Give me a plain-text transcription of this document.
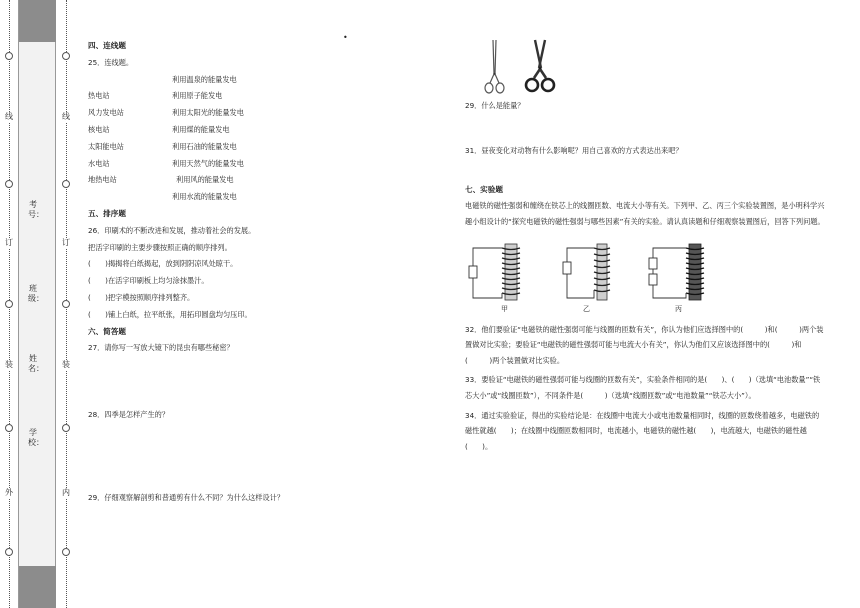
线
订
装
外
考号：
班级：
姓名：
学校：
线
订
装
内
•
四、连线题
25．连线题。
利用温泉的能量发电
热电站	利用原子能发电
风力发电站	利用太阳光的能量发电
核电站	利用煤的能量发电
太阳能电站	利用石油的能量发电
水电站	利用天然气的能量发电
地热电站	利用风的能量发电
利用水流的能量发电
五、排序题
26．印刷术的不断改进和发展，推动着社会的发展。
把活字印刷的主要步骤按照正确的顺序排列。
(　　)揭揭将白纸揭起，放到阴阴凉风处晾干。
(　　)在活字印刷板上均匀涂抹墨汁。
(　　)把字模按照顺序排列整齐。
(　　)铺上白纸，拉平纸张，用拓印圆盘均匀压印。
六、简答题
27．请你写一写放大镜下的昆虫有哪些秘密？
28．四季是怎样产生的？
29．仔细观察解剖剪和普通剪有什么不同？为什么这样设计？
29．什么是能量？
31．昼夜变化对动物有什么影响呢？用自己喜欢的方式表达出来吧？
七、实验题
电磁铁的磁性强弱和缠绕在铁芯上的线圈匝数、电流大小等有关。下列甲、乙、丙三个实验装置图，是小明科学兴趣小组设计的“探究电磁铁的磁性强弱与哪些因素”有关的实验。请认真读题和仔细观察装置图后，回答下列问题。
甲	乙	丙
32．他们要验证“电磁铁的磁性强弱可能与线圈的匝数有关”，你认为他们应选择图中的(　　　)和(　　　)两个装置做对比实验；要验证“电磁铁的磁性强弱可能与电流大小有关”，你认为他们又应该选择图中的(　　　)和(　　　)两个装置做对比实验。
33．要验证“电磁铁的磁性强弱可能与线圈的匝数有关”，实验条件相同的是(　　)、(　　)（选填“电池数量”“铁芯大小”或“线圈匝数”），不同条件是(　　　)（选填“线圈匝数”或“电池数量”“铁芯大小”）。
34．通过实验验证，得出的实验结论是：在线圈中电流大小或电池数量相同时，线圈的匝数绕着越多，电磁铁的磁性就越(　　)；在线圈中线圈匝数相同时，电流越小，电磁铁的磁性越(　　)，电流越大，电磁铁的磁性越(　　)。
